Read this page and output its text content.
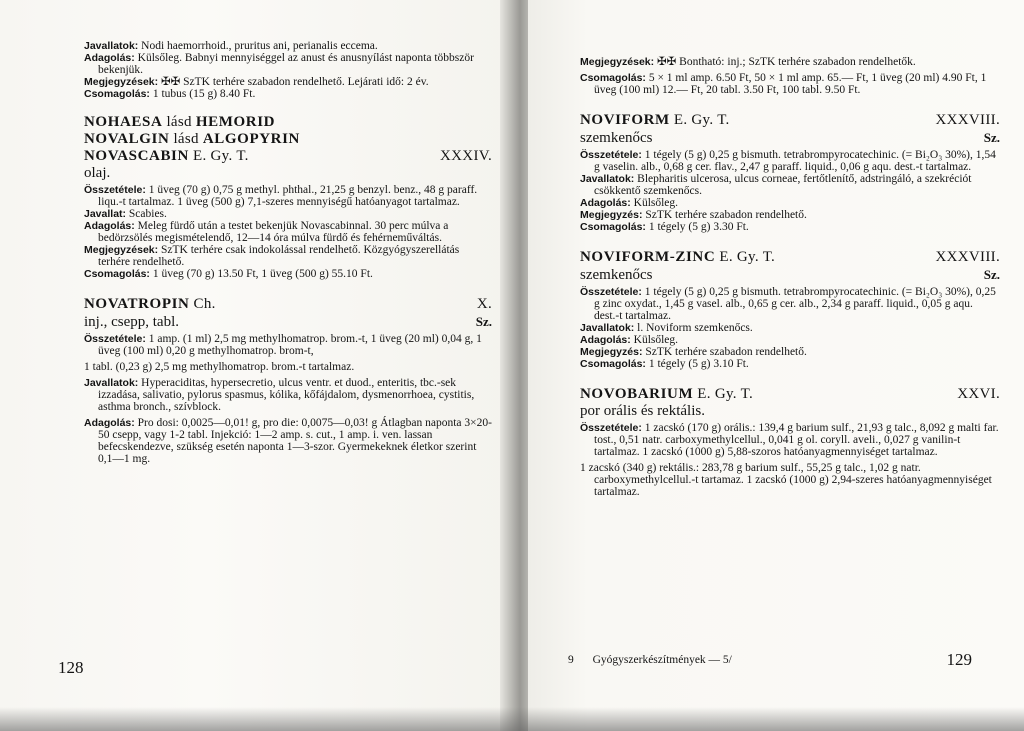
Javallatok: Nodi haemorrhoid., pruritus ani, perianalis eccema.

Adagolás: Külsőleg. Babnyi mennyiséggel az anust és anusnyílást naponta többször bekenjük.

Megjegyzések: ✠✠ SzTK terhére szabadon rendelhető. Lejárati idő: 2 év.

Csomagolás: 1 tubus (15 g) 8.40 Ft.

NOHAESA lásd HEMORID

NOVALGIN lásd ALGOPYRIN

NOVASCABIN E. Gy. T.	XXXIV.
olaj.

Összetétele: 1 üveg (70 g) 0,75 g methyl. phthal., 21,25 g benzyl. benz., 48 g paraff. liqu.-t tartalmaz. 1 üveg (500 g) 7,1-szeres mennyiségű hatóanyagot tartalmaz.

Javallat: Scabies.

Adagolás: Meleg fürdő után a testet bekenjük Novascabinnal. 30 perc múlva a bedörzsölés megismételendő, 12—14 óra múlva fürdő és fehérneműváltás.

Megjegyzések: SzTK terhére csak indokolással rendelhető. Közgyógyszerellátás terhére rendelhető.

Csomagolás: 1 üveg (70 g) 13.50 Ft, 1 üveg (500 g) 55.10 Ft.

NOVATROPIN Ch.	X.
inj., csepp, tabl.	Sz.

Összetétele: 1 amp. (1 ml) 2,5 mg methylhomatrop. brom.-t, 1 üveg (20 ml) 0,04 g, 1 üveg (100 ml) 0,20 g methylhomatrop. brom-t,

1 tabl. (0,23 g) 2,5 mg methylhomatrop. brom.-t tartalmaz.

Javallatok: Hyperaciditas, hypersecretio, ulcus ventr. et duod., enteritis, tbc.-sek izzadása, salivatio, pylorus spasmus, kólika, kőfájdalom, dysmenorrhoea, cystitis, asthma bronch., szívblock.

Adagolás: Pro dosi: 0,0025—0,01! g, pro die: 0,0075—0,03! g Átlagban naponta 3×20-50 csepp, vagy 1-2 tabl. Injekció: 1—2 amp. s. cut., 1 amp. i. ven. lassan befecskendezve, szükség esetén naponta 1—3-szor. Gyermekeknek életkor szerint 0,1—1 mg.

128

Megjegyzések: ✠✠ Bontható: inj.; SzTK terhére szabadon rendelhetők.

Csomagolás: 5 × 1 ml amp. 6.50 Ft, 50 × 1 ml amp. 65.— Ft, 1 üveg (20 ml) 4.90 Ft, 1 üveg (100 ml) 12.— Ft, 20 tabl. 3.50 Ft, 100 tabl. 9.50 Ft.

NOVIFORM E. Gy. T.	XXXVIII.
szemkenőcs	Sz.

Összetétele: 1 tégely (5 g) 0,25 g bismuth. tetrabrompyrocatechinic. (= Bi₂O₃ 30%), 1,54 g vaselin. alb., 0,68 g cer. flav., 2,47 g paraff. liquid., 0,06 g aqu. dest.-t tartalmaz.

Javallatok: Blepharitis ulcerosa, ulcus corneae, fertőtlenítő, adstringáló, a szekréciót csökkentő szemkenőcs.

Adagolás: Külsőleg.

Megjegyzés: SzTK terhére szabadon rendelhető.

Csomagolás: 1 tégely (5 g) 3.30 Ft.

NOVIFORM-ZINC E. Gy. T.	XXXVIII.
szemkenőcs	Sz.

Összetétele: 1 tégely (5 g) 0,25 g bismuth. tetrabrompyrocatechinic. (= Bi₂O₃ 30%), 0,25 g zinc oxydat., 1,45 g vasel. alb., 0,65 g cer. alb., 2,34 g paraff. liquid., 0,05 g aqu. dest.-t tartalmaz.

Javallatok: l. Noviform szemkenőcs.

Adagolás: Külsőleg.

Megjegyzés: SzTK terhére szabadon rendelhető.

Csomagolás: 1 tégely (5 g) 3.10 Ft.

NOVOBARIUM E. Gy. T.	XXVI.
por orális és rektális.

Összetétele: 1 zacskó (170 g) orális.: 139,4 g barium sulf., 21,93 g talc., 8,092 g malti far. tost., 0,51 natr. carboxymethylcellul., 0,041 g ol. coryll. aveli., 0,027 g vanilin-t tartalmaz. 1 zacskó (1000 g) 5,88-szoros hatóanyagmennyiséget tartalmaz.

1 zacskó (340 g) rektális.: 283,78 g barium sulf., 55,25 g talc., 1,02 g natr. carboxymethylcellul.-t tartamaz. 1 zacskó (1000 g) 2,94-szeres hatóanyagmennyiséget tartalmaz.

9 Gyógyszerkészítmények — 5/	129
